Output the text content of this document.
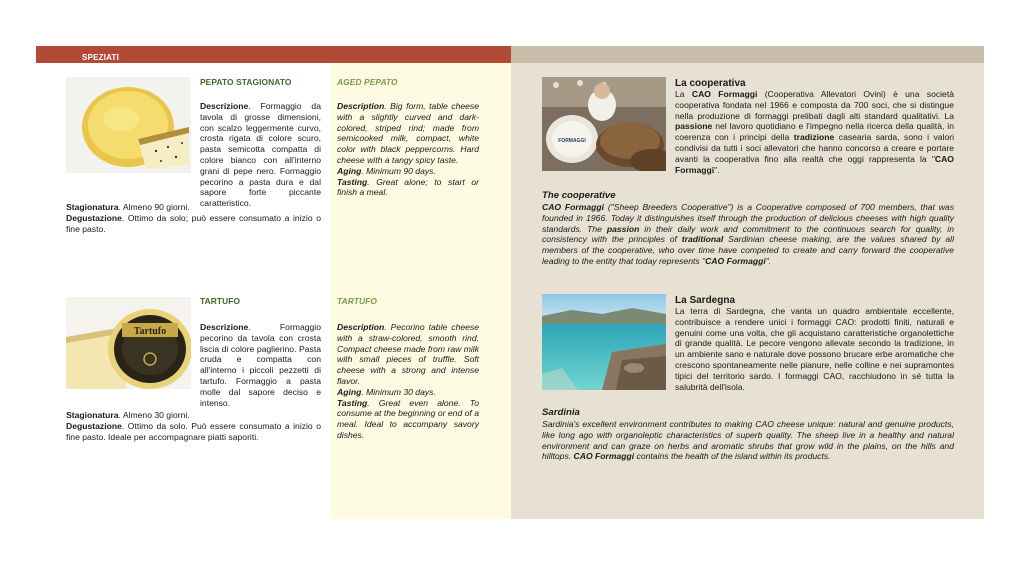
SPEZIATI
PEPATO STAGIONATO
Descrizione. Formaggio da tavola di grosse dimensioni, con scalzo leggermente curvo, crosta rigata di colore scuro, pasta semicotta compatta di colore bianco con all'interno grani di pepe nero. Formaggio pecorino a pasta dura e dal sapore forte piccante caratteristico.
Stagionatura. Almeno 90 giorni.
Degustazione. Ottimo da solo; può essere consumato a inizio o fine pasto.
AGED PEPATO
Description. Big form, table cheese with a slightly curved and dark-colored, striped rind; made from semicooked milk, compact, white color with black peppercorns. Hard cheese with a tangy spicy taste.
Aging. Minimum 90 days.
Tasting. Great alone; to start or finish a meal.
Tartufo
TARTUFO
Descrizione. Formaggio pecorino da tavola con crosta liscia di colore paglierino. Pasta cruda e compatta con all'interno i piccoli pezzetti di tartufo. Formaggio a pasta molle dal sapore deciso e intenso.
Stagionatura. Almeno 30 giorni.
Degustazione. Ottimo da solo. Può essere consumato a inizio o fine pasto. Ideale per accompagnare piatti saporiti.
TARTUFO
Description. Pecorino table cheese with a straw-colored, smooth rind. Compact cheese made from raw milk with small pieces of truffle. Soft cheese with a strong and intense flavor.
Aging. Minimum 30 days.
Tasting. Great even alone. To consume at the beginning or end of a meal. Ideal to accompany savory dishes.
FORMAGGI
La cooperativa
La CAO Formaggi (Cooperativa Allevatori Ovini) è una società cooperativa fondata nel 1966 e composta da 700 soci, che si distingue nella produzione di formaggi prelibati dagli alti standard qualitativi. La passione nel lavoro quotidiano e l'impegno nella ricerca della qualità, in coerenza con i principi della tradizione casearia sarda, sono i valori condivisi da tutti i soci allevatori che hanno concorso a creare e portare avanti la cooperativa fino alla realtà che oggi rappresenta la "CAO Formaggi".
The cooperative
CAO Formaggi ("Sheep Breeders Cooperative") is a Cooperative composed of 700 members, that was founded in 1966. Today it distinguishes itself through the production of delicious cheeses with high quality standards. The passion in their daily work and commitment to the continuous search for quality, in consistency with the principles of traditional Sardinian cheese making, are the values shared by all members of the cooperative, who over time have competed to create and carry forward the cooperative leading to the entity that today represents "CAO Formaggi".
La Sardegna
La terra di Sardegna, che vanta un quadro ambientale eccellente, contribuisce a rendere unici i formaggi CAO: prodotti finiti, naturali e genuini come una volta, che gli acquistano caratteristiche organolettiche di grande qualità. Le pecore vengono allevate secondo la tradizione, in un ambiente sano e naturale dove possono brucare erbe aromatiche che crescono spontaneamente nelle pianure, nelle colline e nei supramontes tipici del territorio sardo. I formaggi CAO, racchiudono in sé tutta la salubrità dell'isola.
Sardinia
Sardinia's excellent environment contributes to making CAO cheese unique: natural and genuine products, like long ago with organoleptic characteristics of superb quality. The sheep live in a healthy and natural environment and can graze on herbs and aromatic shrubs that grow wild in the plains, on the hills and hilltops. CAO Formaggi contains the health of the island within its products.
